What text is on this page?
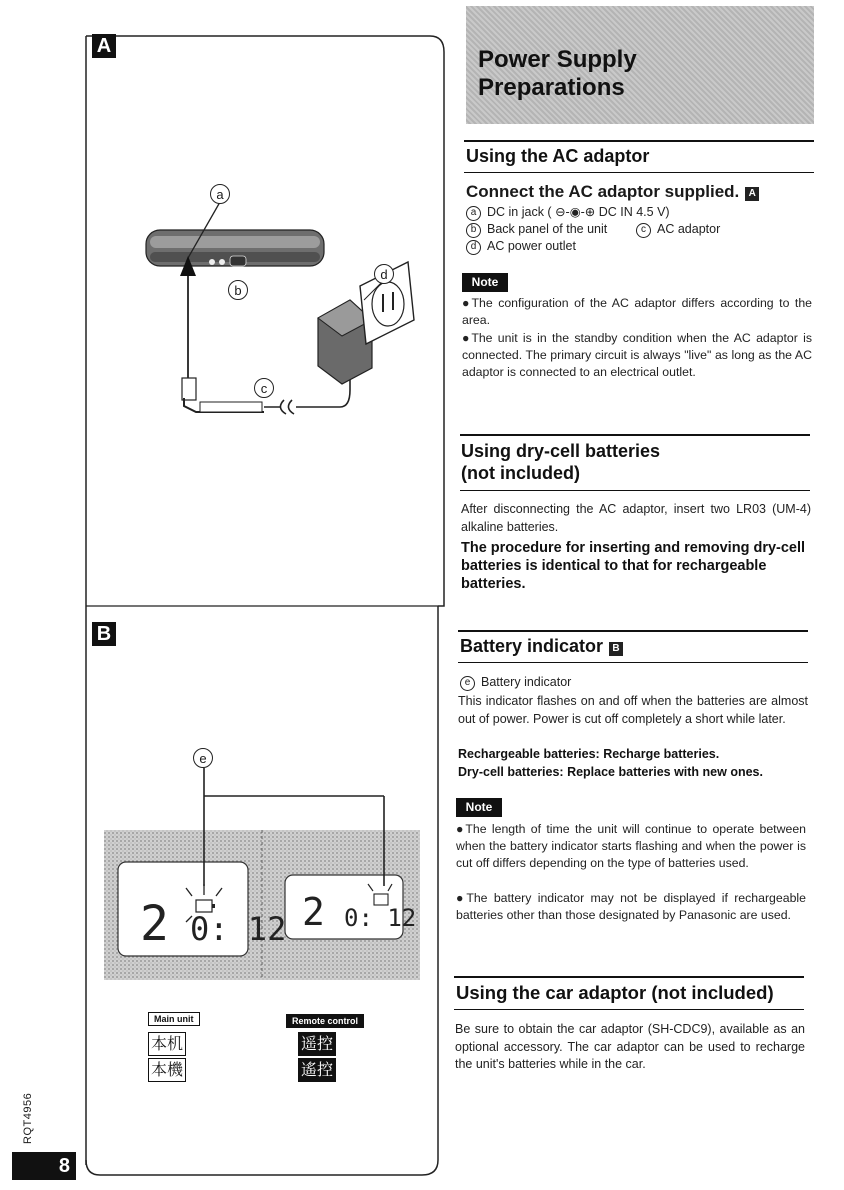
A
B
a
b
c
d
e
2 0: 12 2 0: 12
Main unit	Remote control
本机
本機
遥控
遙控
RQT4956
8
Power Supply
Preparations
Using the AC adaptor
Connect the AC adaptor supplied. A
a DC in jack ( ⊖-◉-⊕ DC IN 4.5 V)
b Back panel of the unit	c AC adaptor
d AC power outlet
Note
●The configuration of the AC adaptor differs according to the area.
●The unit is in the standby condition when the AC adaptor is connected. The primary circuit is always "live" as long as the AC adaptor is connected to an electrical outlet.
Using dry-cell batteries
(not included)
After disconnecting the AC adaptor, insert two LR03 (UM-4) alkaline batteries.
The procedure for inserting and removing dry-cell batteries is identical to that for rechargeable batteries.
Battery indicator B
e Battery indicator
This indicator flashes on and off when the batteries are almost out of power. Power is cut off completely a short while later.
Rechargeable batteries: Recharge batteries.
Dry-cell batteries: Replace batteries with new ones.
Note
●The length of time the unit will continue to operate between when the battery indicator starts flashing and when the power is cut off differs depending on the type of batteries used.
●The battery indicator may not be displayed if rechargeable batteries other than those designated by Panasonic are used.
Using the car adaptor (not included)
Be sure to obtain the car adaptor (SH-CDC9), available as an optional accessory. The car adaptor can be used to recharge the unit's batteries while in the car.
